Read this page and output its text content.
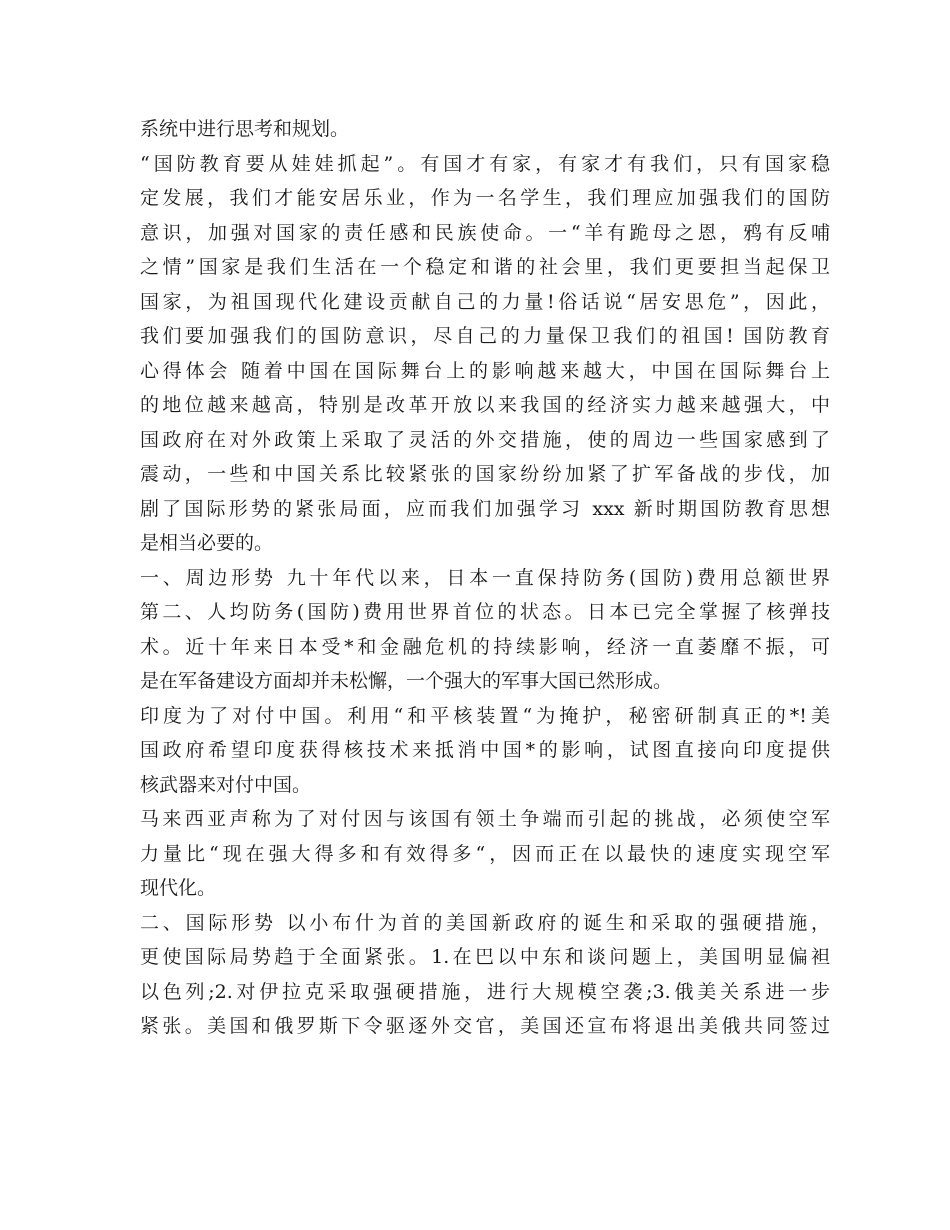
系统中进行思考和规划。
“国防教育要从娃娃抓起”。有国才有家，有家才有我们，只有国家稳
定发展，我们才能安居乐业，作为一名学生，我们理应加强我们的国防
意识，加强对国家的责任感和民族使命。一“羊有跪母之恩，鸦有反哺
之情”国家是我们生活在一个稳定和谐的社会里，我们更要担当起保卫
国家，为祖国现代化建设贡献自己的力量!俗话说“居安思危”，因此，
我们要加强我们的国防意识，尽自己的力量保卫我们的祖国! 国防教育
心得体会 随着中国在国际舞台上的影响越来越大，中国在国际舞台上
的地位越来越高，特别是改革开放以来我国的经济实力越来越强大，中
国政府在对外政策上采取了灵活的外交措施，使的周边一些国家感到了
震动，一些和中国关系比较紧张的国家纷纷加紧了扩军备战的步伐，加
剧了国际形势的紧张局面，应而我们加强学习 xxx 新时期国防教育思想
是相当必要的。
一、周边形势 九十年代以来，日本一直保持防务(国防)费用总额世界
第二、人均防务(国防)费用世界首位的状态。日本已完全掌握了核弹技
术。近十年来日本受*和金融危机的持续影响，经济一直萎靡不振，可
是在军备建设方面却并未松懈，一个强大的军事大国已然形成。
印度为了对付中国。利用“和平核装置“为掩护，秘密研制真正的*!美
国政府希望印度获得核技术来抵消中国*的影响，试图直接向印度提供
核武器来对付中国。
马来西亚声称为了对付因与该国有领土争端而引起的挑战，必须使空军
力量比“现在强大得多和有效得多“，因而正在以最快的速度实现空军
现代化。
二、国际形势 以小布什为首的美国新政府的诞生和采取的强硬措施，
更使国际局势趋于全面紧张。1.在巴以中东和谈问题上，美国明显偏袒
以色列;2.对伊拉克采取强硬措施，进行大规模空袭;3.俄美关系进一步
紧张。美国和俄罗斯下令驱逐外交官，美国还宣布将退出美俄共同签过
